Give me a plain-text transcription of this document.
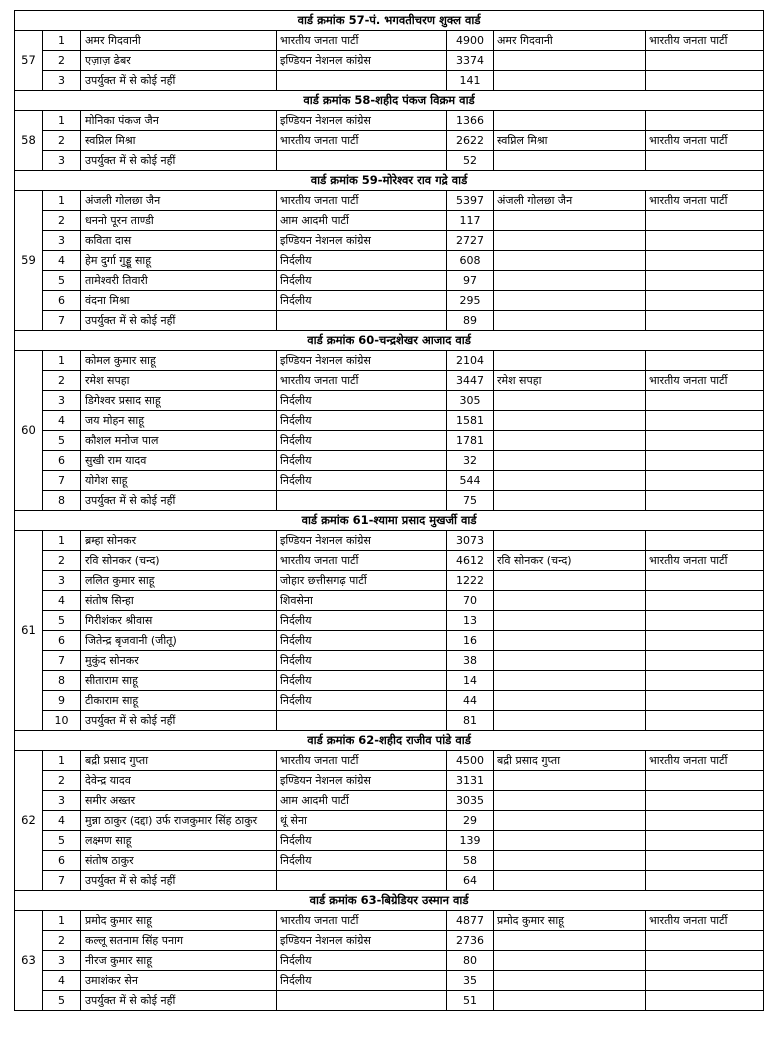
वार्ड क्रमांक 57-पं. भगवतीचरण शुक्ल वार्ड						
57	1	अमर गिदवानी	भारतीय जनता पार्टी	4900	अमर गिदवानी	भारतीय जनता पार्टी
	2	एज़ाज़ ढेबर	इण्डियन नेशनल कांग्रेस	3374		
	3	उपर्युक्त में से कोई नहीं		141		
वार्ड क्रमांक 58-शहीद पंकज विक्रम वार्ड						
58	1	मोनिका पंकज जैन	इण्डियन नेशनल कांग्रेस	1366		
	2	स्वप्निल मिश्रा	भारतीय जनता पार्टी	2622	स्वप्निल मिश्रा	भारतीय जनता पार्टी
	3	उपर्युक्त में से कोई नहीं		52		
वार्ड क्रमांक 59-मोरेश्वर राव गद्रे वार्ड						
59	1	अंजली गोलछा जैन	भारतीय जनता पार्टी	5397	अंजली गोलछा जैन	भारतीय जनता पार्टी
	2	धननो पूरन ताण्डी	आम आदमी पार्टी	117		
	3	कविता दास	इण्डियन नेशनल कांग्रेस	2727		
	4	हेम दुर्गा गुड्डू साहू	निर्दलीय	608		
	5	तामेश्वरी तिवारी	निर्दलीय	97		
	6	वंदना मिश्रा	निर्दलीय	295		
	7	उपर्युक्त में से कोई नहीं		89		
वार्ड क्रमांक 60-चन्द्रशेखर आजाद वार्ड						
60	1	कोमल कुमार साहू	इण्डियन नेशनल कांग्रेस	2104		
	2	रमेश सपहा	भारतीय जनता पार्टी	3447	रमेश सपहा	भारतीय जनता पार्टी
	3	डिगेश्वर प्रसाद साहू	निर्दलीय	305		
	4	जय मोहन साहू	निर्दलीय	1581		
	5	कौशल मनोज पाल	निर्दलीय	1781		
	6	सुखी राम यादव	निर्दलीय	32		
	7	योगेश साहू	निर्दलीय	544		
	8	उपर्युक्त में से कोई नहीं		75		
वार्ड क्रमांक 61-श्यामा प्रसाद मुखर्जी वार्ड						
61	1	ब्रम्हा सोनकर	इण्डियन नेशनल कांग्रेस	3073		
	2	रवि सोनकर (चन्द)	भारतीय जनता पार्टी	4612	रवि सोनकर (चन्द)	भारतीय जनता पार्टी
	3	ललित कुमार साहू	जोहार छत्तीसगढ़ पार्टी	1222		
	4	संतोष सिन्हा	शिवसेना	70		
	5	गिरीशंकर श्रीवास	निर्दलीय	13		
	6	जितेन्द्र बृजवानी (जीतू)	निर्दलीय	16		
	7	मुकुंद सोनकर	निर्दलीय	38		
	8	सीताराम साहू	निर्दलीय	14		
	9	टीकाराम साहू	निर्दलीय	44		
	10	उपर्युक्त में से कोई नहीं		81		
वार्ड क्रमांक 62-शहीद राजीव पांडे वार्ड						
62	1	बद्री प्रसाद गुप्ता	भारतीय जनता पार्टी	4500	बद्री प्रसाद गुप्ता	भारतीय जनता पार्टी
	2	देवेन्द्र यादव	इण्डियन नेशनल कांग्रेस	3131		
	3	समीर अख्तर	आम आदमी पार्टी	3035		
	4	मुन्ना ठाकुर (दद्दा) उर्फ राजकुमार सिंह ठाकुर	थूं सेना	29		
	5	लक्ष्मण साहू	निर्दलीय	139		
	6	संतोष ठाकुर	निर्दलीय	58		
	7	उपर्युक्त में से कोई नहीं		64		
वार्ड क्रमांक 63-बिग्रेडियर उस्मान वार्ड						
63	1	प्रमोद कुमार साहू	भारतीय जनता पार्टी	4877	प्रमोद कुमार साहू	भारतीय जनता पार्टी
	2	कल्लू सतनाम सिंह पनाग	इण्डियन नेशनल कांग्रेस	2736		
	3	नीरज कुमार साहू	निर्दलीय	80		
	4	उमाशंकर सेन	निर्दलीय	35		
	5	उपर्युक्त में से कोई नहीं		51		
